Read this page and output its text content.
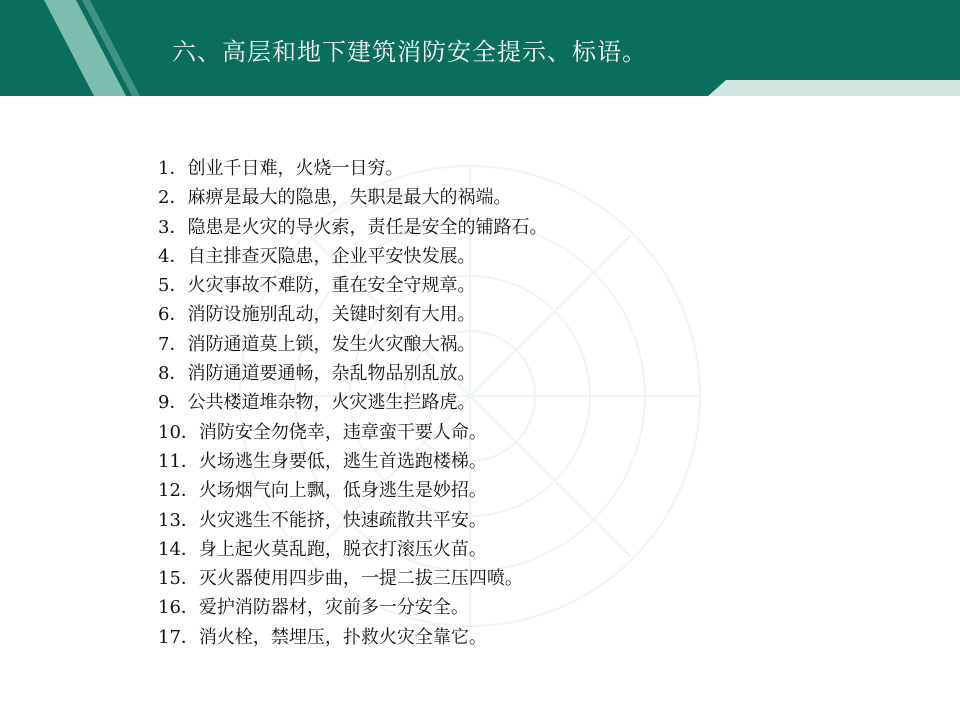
六、高层和地下建筑消防安全提示、标语。
1．创业千日难，火烧一日穷。
2．麻痹是最大的隐患，失职是最大的祸端。
3．隐患是火灾的导火索，责任是安全的铺路石。
4．自主排查灭隐患，企业平安快发展。
5．火灾事故不难防，重在安全守规章。
6．消防设施别乱动，关键时刻有大用。
7．消防通道莫上锁，发生火灾酿大祸。
8．消防通道要通畅，杂乱物品别乱放。
9．公共楼道堆杂物，火灾逃生拦路虎。
10．消防安全勿侥幸，违章蛮干要人命。
11．火场逃生身要低，逃生首选跑楼梯。
12．火场烟气向上飘，低身逃生是妙招。
13．火灾逃生不能挤，快速疏散共平安。
14．身上起火莫乱跑，脱衣打滚压火苗。
15．灭火器使用四步曲，一提二拔三压四喷。
16．爱护消防器材，灾前多一分安全。
17．消火栓，禁埋压，扑救火灾全靠它。
